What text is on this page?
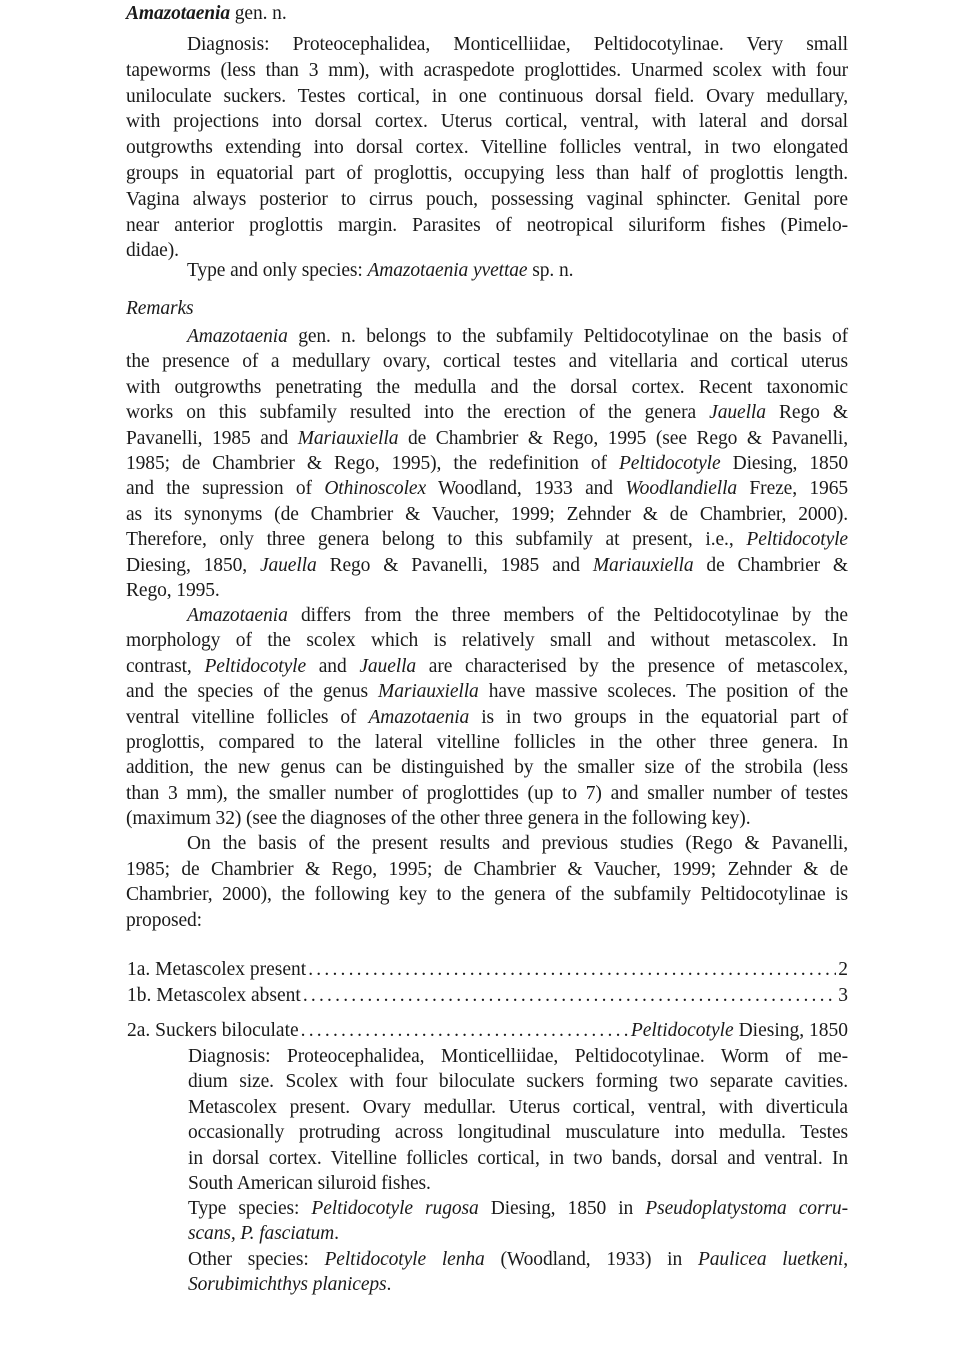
Amazotaenia gen. n.
Diagnosis: Proteocephalidea, Monticelliidae, Peltidocotylinae. Very small
tapeworms (less than 3 mm), with acraspedote proglottides. Unarmed scolex with four
uniloculate suckers. Testes cortical, in one continuous dorsal field. Ovary medullary,
with projections into dorsal cortex. Uterus cortical, ventral, with lateral and dorsal
outgrowths extending into dorsal cortex. Vitelline follicles ventral, in two elongated
groups in equatorial part of proglottis, occupying less than half of proglottis length.
Vagina always posterior to cirrus pouch, possessing vaginal sphincter. Genital pore
near anterior proglottis margin. Parasites of neotropical siluriform fishes (Pimelo-
didae).
Type and only species: Amazotaenia yvettae sp. n.
Remarks
Amazotaenia gen. n. belongs to the subfamily Peltidocotylinae on the basis of
the presence of a medullary ovary, cortical testes and vitellaria and cortical uterus
with outgrowths penetrating the medulla and the dorsal cortex. Recent taxonomic
works on this subfamily resulted into the erection of the genera Jauella Rego &
Pavanelli, 1985 and Mariauxiella de Chambrier & Rego, 1995 (see Rego & Pavanelli,
1985; de Chambrier & Rego, 1995), the redefinition of Peltidocotyle Diesing, 1850
and the supression of Othinoscolex Woodland, 1933 and Woodlandiella Freze, 1965
as its synonyms (de Chambrier & Vaucher, 1999; Zehnder & de Chambrier, 2000).
Therefore, only three genera belong to this subfamily at present, i.e., Peltidocotyle
Diesing, 1850, Jauella Rego & Pavanelli, 1985 and Mariauxiella de Chambrier &
Rego, 1995.
Amazotaenia differs from the three members of the Peltidocotylinae by the
morphology of the scolex which is relatively small and without metascolex. In
contrast, Peltidocotyle and Jauella are characterised by the presence of metascolex,
and the species of the genus Mariauxiella have massive scoleces. The position of the
ventral vitelline follicles of Amazotaenia is in two groups in the equatorial part of
proglottis, compared to the lateral vitelline follicles in the other three genera. In
addition, the new genus can be distinguished by the smaller size of the strobila (less
than 3 mm), the smaller number of proglottides (up to 7) and smaller number of testes
(maximum 32) (see the diagnoses of the other three genera in the following key).
On the basis of the present results and previous studies (Rego & Pavanelli,
1985; de Chambrier & Rego, 1995; de Chambrier & Vaucher, 1999; Zehnder & de
Chambrier, 2000), the following key to the genera of the subfamily Peltidocotylinae is
proposed:
1a. Metascolex present .....	2
1b. Metascolex absent .....	3
2a. Suckers biloculate .....	Peltidocotyle Diesing, 1850
Diagnosis: Proteocephalidea, Monticelliidae, Peltidocotylinae. Worm of me-
dium size. Scolex with four biloculate suckers forming two separate cavities.
Metascolex present. Ovary medullar. Uterus cortical, ventral, with diverticula
occasionally protruding across longitudinal musculature into medulla. Testes
in dorsal cortex. Vitelline follicles cortical, in two bands, dorsal and ventral. In
South American siluroid fishes.
Type species: Peltidocotyle rugosa Diesing, 1850 in Pseudoplatystoma corru-
scans, P. fasciatum.
Other species: Peltidocotyle lenha (Woodland, 1933) in Paulicea luetkeni,
Sorubimichthys planiceps.
